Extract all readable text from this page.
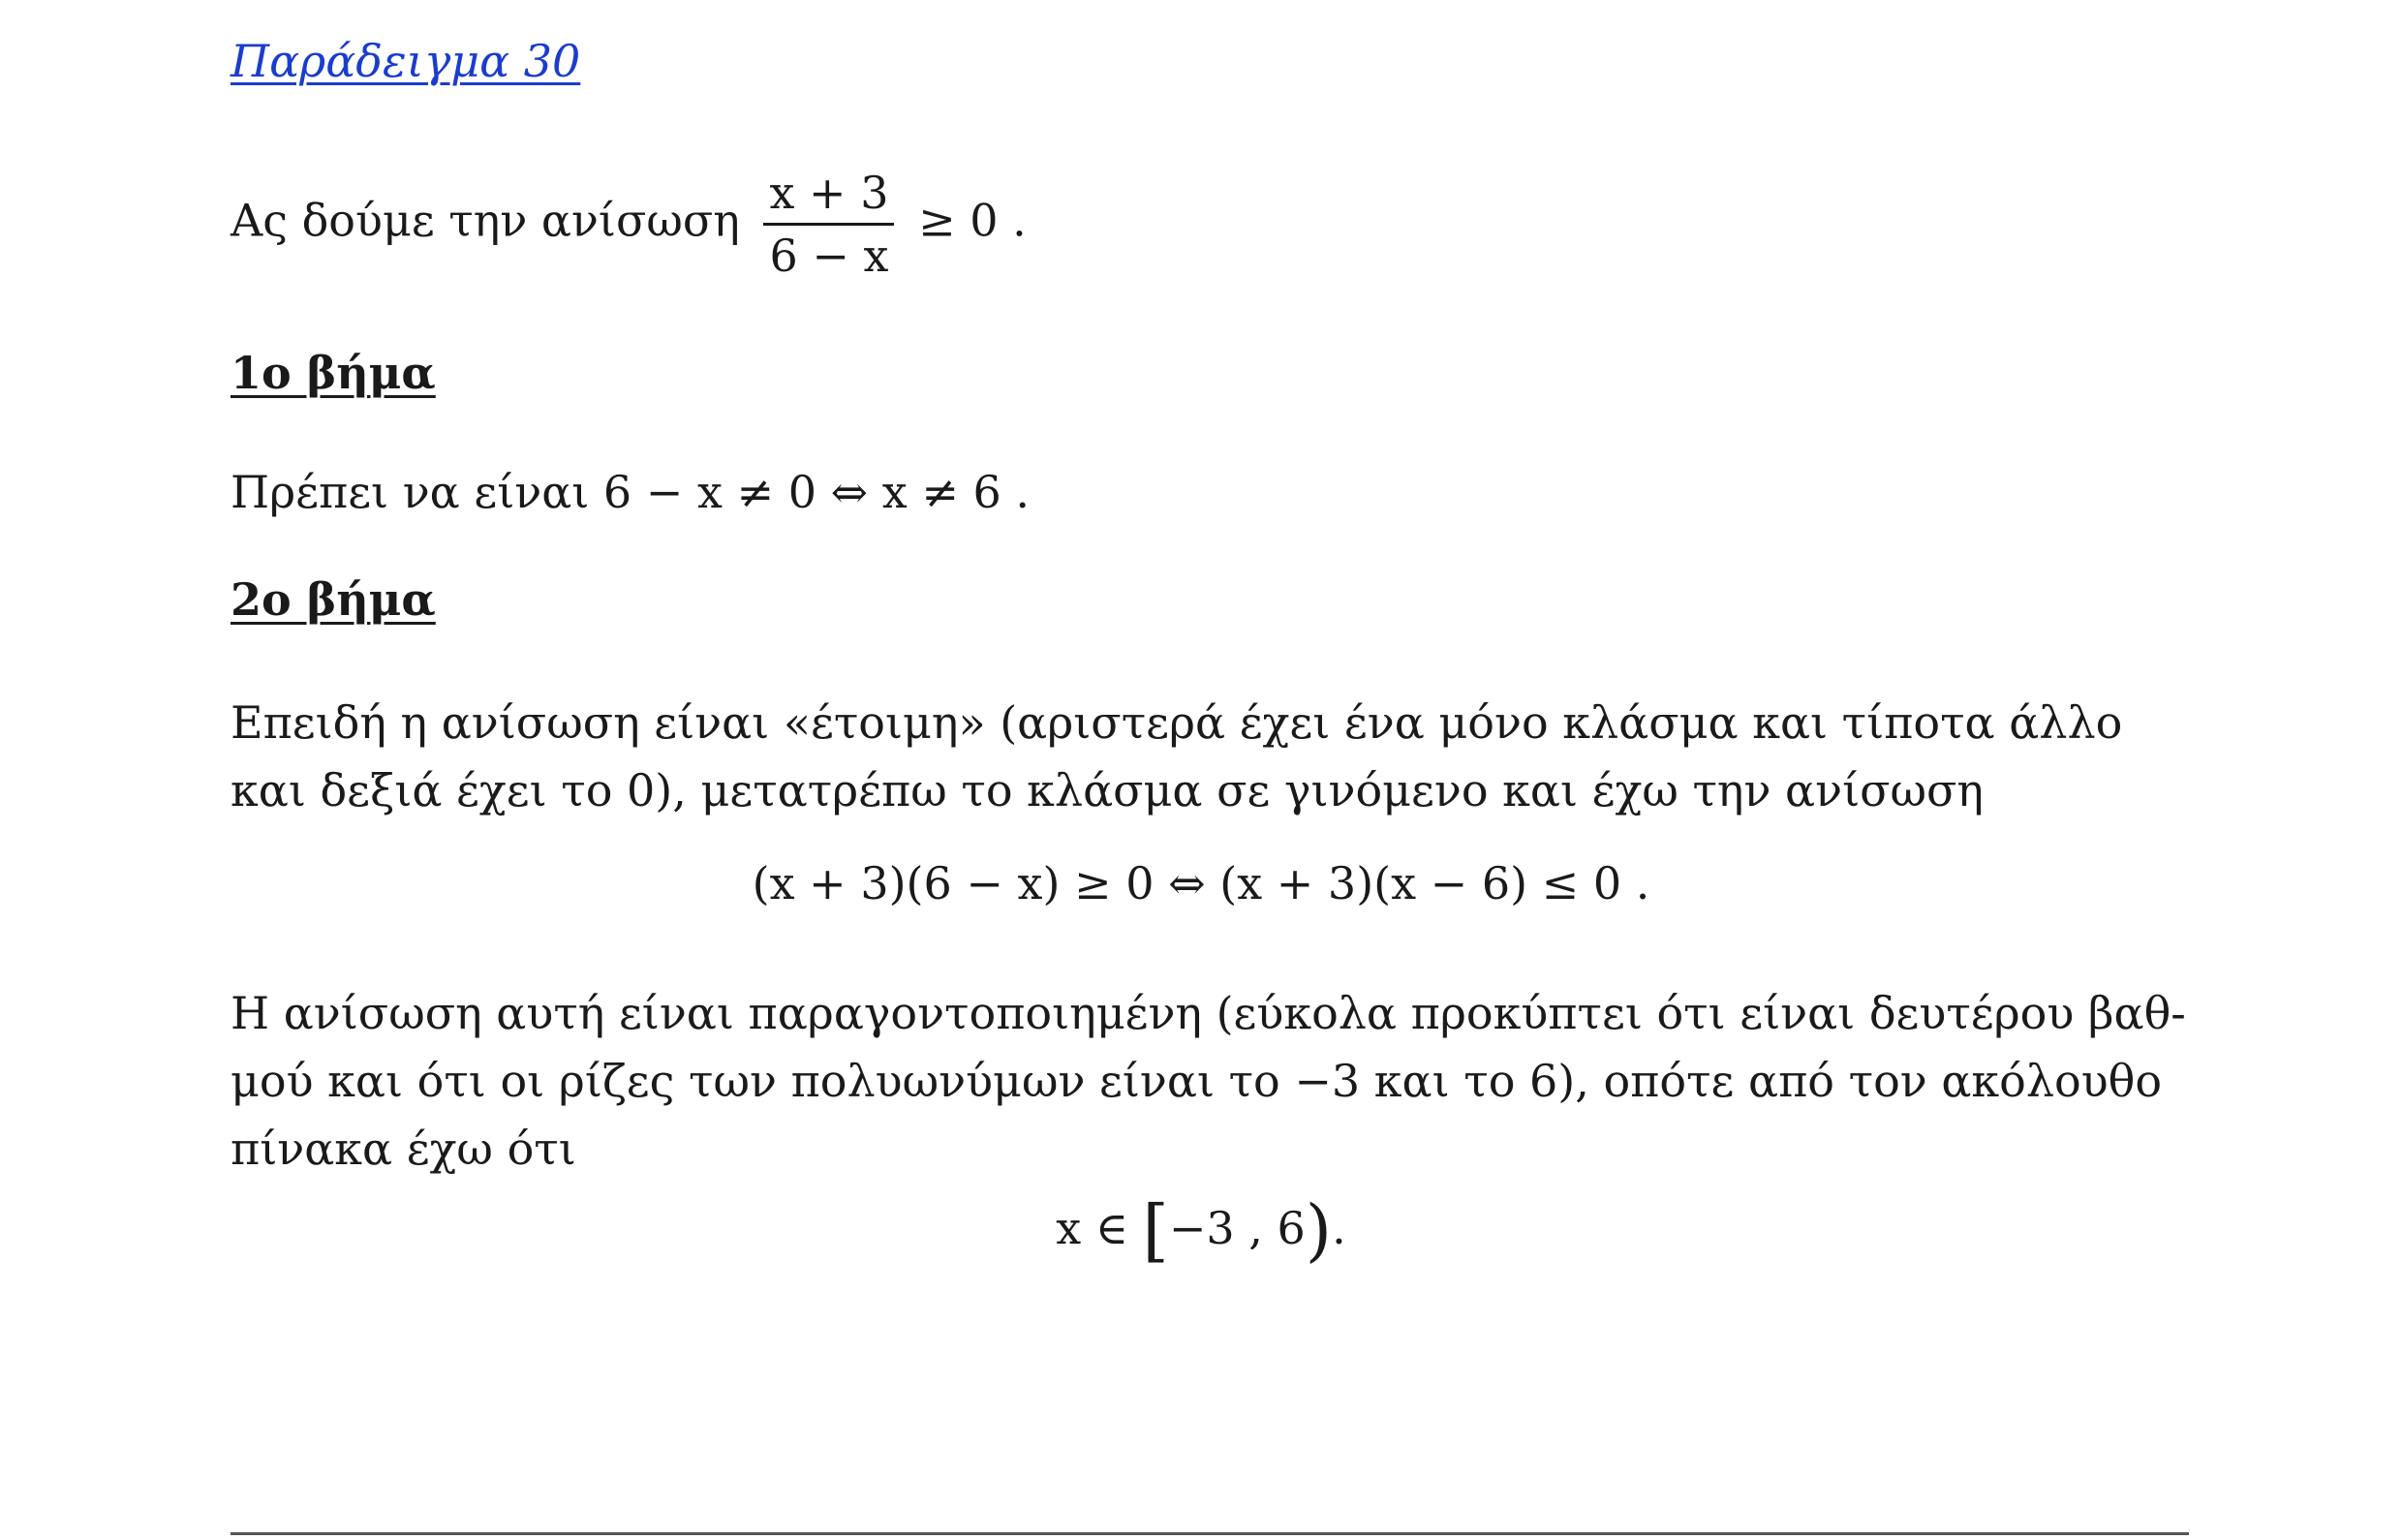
Παράδειγμα 30
Ας δούμε την ανίσωση $\frac{x + 3}{6 - x} \ge 0$ .
1ο βήμα
Πρέπει να είναι 6 − x ≠ 0 ⇔ x ≠ 6 .
2ο βήμα
Επειδή η ανίσωση είναι «έτοιμη» (αριστερά έχει ένα μόνο κλάσμα και τίποτα άλλο
και δεξιά έχει το 0), μετατρέπω το κλάσμα σε γινόμενο και έχω την ανίσωση
(x + 3)(6 − x) ≥ 0 ⇔ (x + 3)(x − 6) ≤ 0 .
Η ανίσωση αυτή είναι παραγοντοποιημένη (εύκολα προκύπτει ότι είναι δευτέρου βαθ-
μού και ότι οι ρίζες των πολυωνύμων είναι το −3 και το 6), οπότε από τον ακόλουθο
πίνακα έχω ότι
x ∈ [−3 , 6).
